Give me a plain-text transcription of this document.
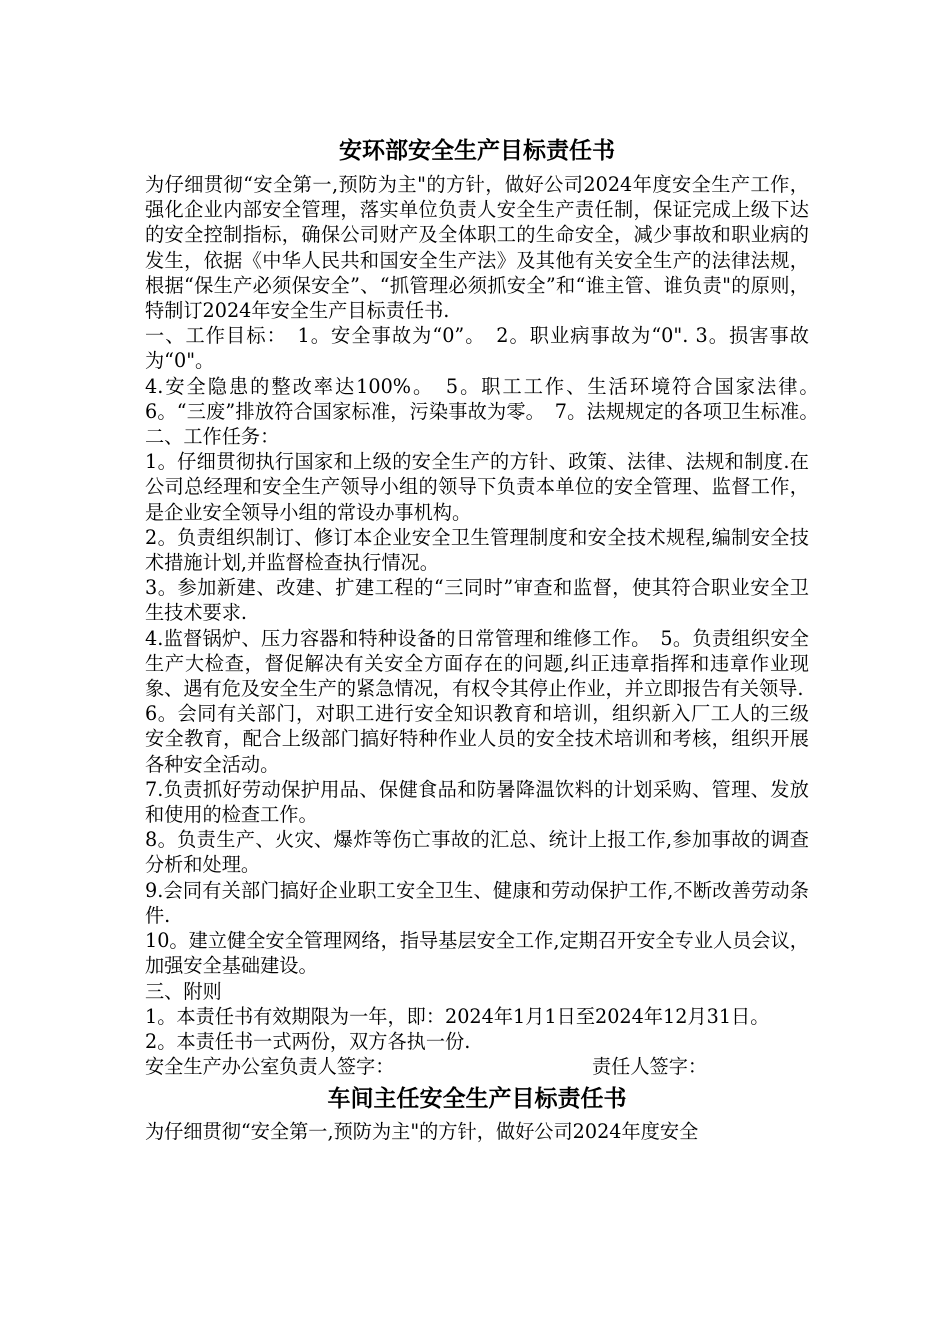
安环部安全生产目标责任书

为仔细贯彻“安全第一,预防为主"的方针，做好公司2024年度安全生产工作，强化企业内部安全管理，落实单位负责人安全生产责任制，保证完成上级下达的安全控制指标，确保公司财产及全体职工的生命安全，减少事故和职业病的发生，依据《中华人民共和国安全生产法》及其他有关安全生产的法律法规，根据“保生产必须保安全”、“抓管理必须抓安全”和“谁主管、谁负责"的原则，特制订2024年安全生产目标责任书.

一、工作目标：　1。安全事故为“0”。　2。职业病事故为“0". 3。损害事故为“0"。

4.安全隐患的整改率达100%。　5。职工工作、生活环境符合国家法律。　6。“三废”排放符合国家标准，污染事故为零。　7。法规规定的各项卫生标准。　二、工作任务：

1。仔细贯彻执行国家和上级的安全生产的方针、政策、法律、法规和制度.在公司总经理和安全生产领导小组的领导下负责本单位的安全管理、监督工作，是企业安全领导小组的常设办事机构。

2。负责组织制订、修订本企业安全卫生管理制度和安全技术规程,编制安全技术措施计划,并监督检查执行情况。

3。参加新建、改建、扩建工程的“三同时”审查和监督，使其符合职业安全卫生技术要求.

4.监督锅炉、压力容器和特种设备的日常管理和维修工作。　5。负责组织安全生产大检查，督促解决有关安全方面存在的问题,纠正违章指挥和违章作业现象、遇有危及安全生产的紧急情况，有权令其停止作业，并立即报告有关领导.

6。会同有关部门，对职工进行安全知识教育和培训，组织新入厂工人的三级安全教育，配合上级部门搞好特种作业人员的安全技术培训和考核，组织开展各种安全活动。

7.负责抓好劳动保护用品、保健食品和防暑降温饮料的计划采购、管理、发放和使用的检查工作。

8。负责生产、火灾、爆炸等伤亡事故的汇总、统计上报工作,参加事故的调查分析和处理。

9.会同有关部门搞好企业职工安全卫生、健康和劳动保护工作,不断改善劳动条件.

10。建立健全安全管理网络，指导基层安全工作,定期召开安全专业人员会议，加强安全基础建设。

三、附则

1。本责任书有效期限为一年，即：2024年1月1日至2024年12月31日。

2。本责任书一式两份，双方各执一份.

安全生产办公室负责人签字：	责任人签字：
车间主任安全生产目标责任书

为仔细贯彻“安全第一,预防为主"的方针，做好公司2024年度安全
